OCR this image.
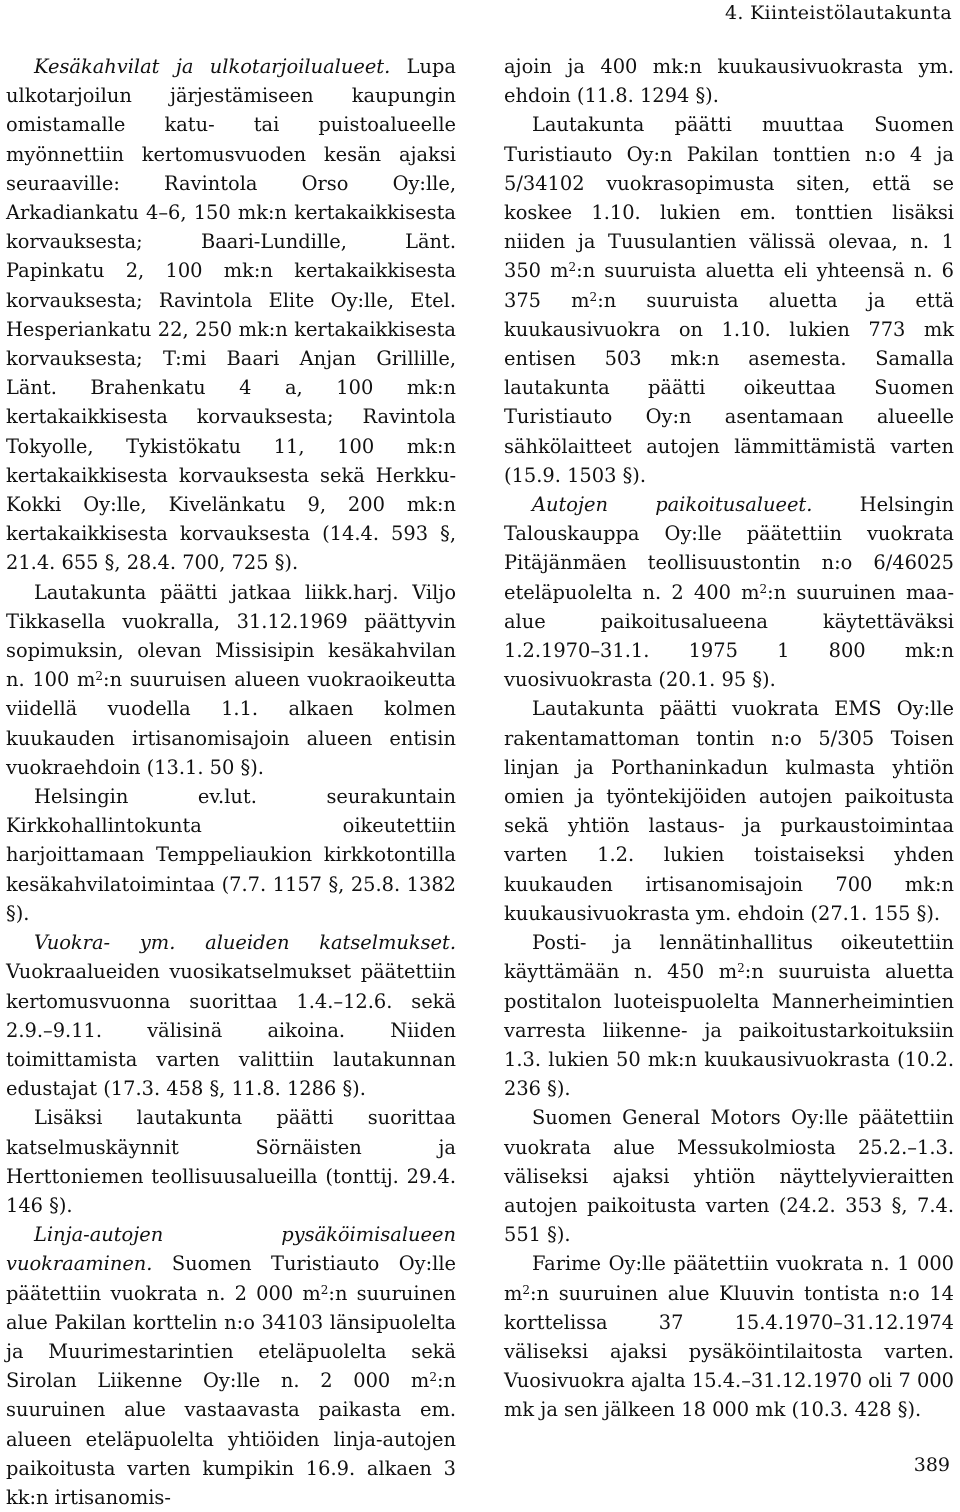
4. Kiinteistölautakunta

Kesäkahvilat ja ulkotarjoilualueet. Lupa ulkotarjoilun järjestämiseen kaupungin omistamalle katu- tai puistoalueelle myönnettiin kertomusvuoden kesän ajaksi seuraaville: Ravintola Orso Oy:lle, Arkadiankatu 4–6, 150 mk:n kertakaikkisesta korvauksesta; Baari-Lundille, Länt. Papinkatu 2, 100 mk:n kertakaikkisesta korvauksesta; Ravintola Elite Oy:lle, Etel. Hesperiankatu 22, 250 mk:n kertakaikkisesta korvauksesta; T:mi Baari Anjan Grillille, Länt. Brahenkatu 4 a, 100 mk:n kertakaikkisesta korvauksesta; Ravintola Tokyolle, Tykistökatu 11, 100 mk:n kertakaikkisesta korvauksesta sekä Herkku-Kokki Oy:lle, Kivelänkatu 9, 200 mk:n kertakaikkisesta korvauksesta (14.4. 593 §, 21.4. 655 §, 28.4. 700, 725 §).

Lautakunta päätti jatkaa liikk.harj. Viljo Tikkasella vuokralla, 31.12.1969 päättyvin sopimuksin, olevan Missisipin kesäkahvilan n. 100 $m^2:n$ suuruisen alueen vuokraoikeutta viidellä vuodella 1.1. alkaen kolmen kuukauden irtisanomisajoin alueen entisin vuokraehdoin (13.1. 50 §).

Helsingin ev.lut. seurakuntain Kirkkohallintokunta oikeutettiin harjoittamaan Temppeliaukion kirkkotontilla kesäkahvilatoimintaa (7.7. 1157 §, 25.8. 1382 §).

Vuokra- ym. alueiden katselmukset. Vuokraalueiden vuosikatselmukset päätettiin kertomusvuonna suorittaa 1.4.–12.6. sekä 2.9.–9.11. välisinä aikoina. Niiden toimittamista varten valittiin lautakunnan edustajat (17.3. 458 §, 11.8. 1286 §).

Lisäksi lautakunta päätti suorittaa katselmuskäynnit Sörnäisten ja Herttoniemen teollisuusalueilla (tonttij. 29.4. 146 §).

Linja-autojen pysäköimisalueen vuokraaminen. Suomen Turistiauto Oy:lle päätettiin vuokrata n. 2 000 $m^2:n$ suuruinen alue Pakilan korttelin n:o 34103 länsipuolelta ja Muurimestarintien eteläpuolelta sekä Sirolan Liikenne Oy:lle n. 2 000 $m^2:n$ suuruinen alue vastaavasta paikasta em. alueen eteläpuolelta yhtiöiden linja-autojen paikoitusta varten kumpikin 16.9. alkaen 3 kk:n irtisanomis-

ajoin ja 400 mk:n kuukausivuokrasta ym. ehdoin (11.8. 1294 §).

Lautakunta päätti muuttaa Suomen Turistiauto Oy:n Pakilan tonttien n:o 4 ja 5/34102 vuokrasopimusta siten, että se koskee 1.10. lukien em. tonttien lisäksi niiden ja Tuusulantien välissä olevaa, n. 1 350 $m^2:n$ suuruista aluetta eli yhteensä n. 6 375 $m^2:n$ suuruista aluetta ja että kuukausivuokra on 1.10. lukien 773 mk entisen 503 mk:n asemesta. Samalla lautakunta päätti oikeuttaa Suomen Turistiauto Oy:n asentamaan alueelle sähkölaitteet autojen lämmittämistä varten (15.9. 1503 §).

Autojen paikoitusalueet. Helsingin Talouskauppa Oy:lle päätettiin vuokrata Pitäjänmäen teollisuustontin n:o 6/46025 eteläpuolelta n. 2 400 $m^2:n$ suuruinen maa-alue paikoitusalueena käytettäväksi 1.2.1970–31.1. 1975 1 800 mk:n vuosivuokrasta (20.1. 95 §).

Lautakunta päätti vuokrata EMS Oy:lle rakentamattoman tontin n:o 5/305 Toisen linjan ja Porthaninkadun kulmasta yhtiön omien ja työntekijöiden autojen paikoitusta sekä yhtiön lastaus- ja purkaustoimintaa varten 1.2. lukien toistaiseksi yhden kuukauden irtisanomisajoin 700 mk:n kuukausivuokrasta ym. ehdoin (27.1. 155 §).

Posti- ja lennätinhallitus oikeutettiin käyttämään n. 450 $m^2:n$ suuruista aluetta postitalon luoteispuolelta Mannerheimintien varresta liikenne- ja paikoitustarkoituksiin 1.3. lukien 50 mk:n kuukausivuokrasta (10.2. 236 §).

Suomen General Motors Oy:lle päätettiin vuokrata alue Messukolmiosta 25.2.–1.3. väliseksi ajaksi yhtiön näyttelyvieraitten autojen paikoitusta varten (24.2. 353 §, 7.4. 551 §).

Farime Oy:lle päätettiin vuokrata n. 1 000 $m^2:n$ suuruinen alue Kluuvin tontista n:o 14 korttelissa 37 15.4.1970–31.12.1974 väliseksi ajaksi pysäköintilaitosta varten. Vuosivuokra ajalta 15.4.–31.12.1970 oli 7 000 mk ja sen jälkeen 18 000 mk (10.3. 428 §).

389
